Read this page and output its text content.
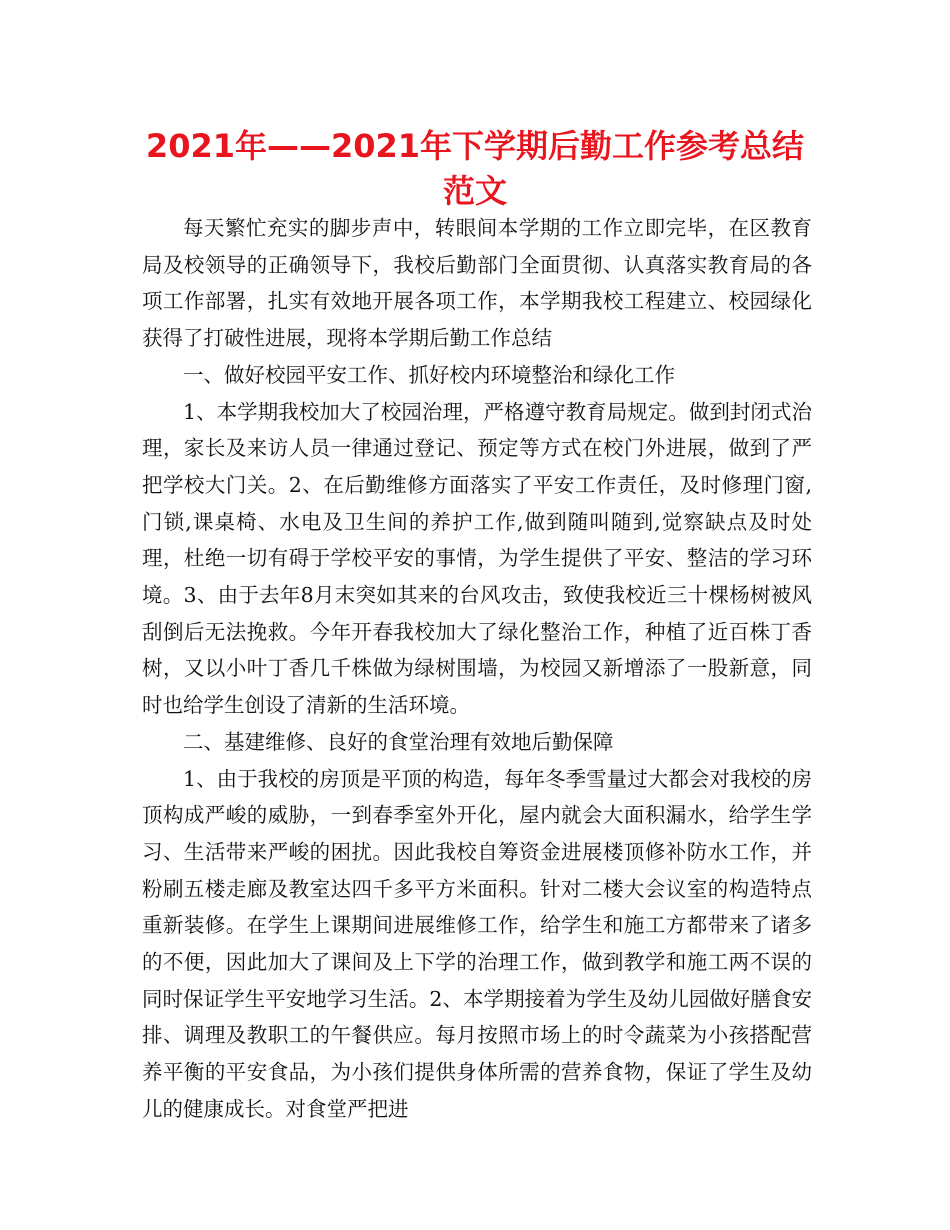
2021年——2021年下学期后勤工作参考总结
范文

每天繁忙充实的脚步声中，转眼间本学期的工作立即完毕，在区教育局及校领导的正确领导下，我校后勤部门全面贯彻、认真落实教育局的各项工作部署，扎实有效地开展各项工作，本学期我校工程建立、校园绿化获得了打破性进展，现将本学期后勤工作总结

一、做好校园平安工作、抓好校内环境整治和绿化工作

1、本学期我校加大了校园治理，严格遵守教育局规定。做到封闭式治理，家长及来访人员一律通过登记、预定等方式在校门外进展，做到了严把学校大门关。2、在后勤维修方面落实了平安工作责任，及时修理门窗,门锁,课桌椅、水电及卫生间的养护工作,做到随叫随到,觉察缺点及时处理，杜绝一切有碍于学校平安的事情，为学生提供了平安、整洁的学习环境。3、由于去年8月末突如其来的台风攻击，致使我校近三十棵杨树被风刮倒后无法挽救。今年开春我校加大了绿化整治工作，种植了近百株丁香树，又以小叶丁香几千株做为绿树围墙，为校园又新增添了一股新意，同时也给学生创设了清新的生活环境。

二、基建维修、良好的食堂治理有效地后勤保障

1、由于我校的房顶是平顶的构造，每年冬季雪量过大都会对我校的房顶构成严峻的威胁，一到春季室外开化，屋内就会大面积漏水，给学生学习、生活带来严峻的困扰。因此我校自筹资金进展楼顶修补防水工作，并粉刷五楼走廊及教室达四千多平方米面积。针对二楼大会议室的构造特点重新装修。在学生上课期间进展维修工作，给学生和施工方都带来了诸多的不便，因此加大了课间及上下学的治理工作，做到教学和施工两不误的同时保证学生平安地学习生活。2、本学期接着为学生及幼儿园做好膳食安排、调理及教职工的午餐供应。每月按照市场上的时令蔬菜为小孩搭配营养平衡的平安食品，为小孩们提供身体所需的营养食物，保证了学生及幼儿的健康成长。对食堂严把进
